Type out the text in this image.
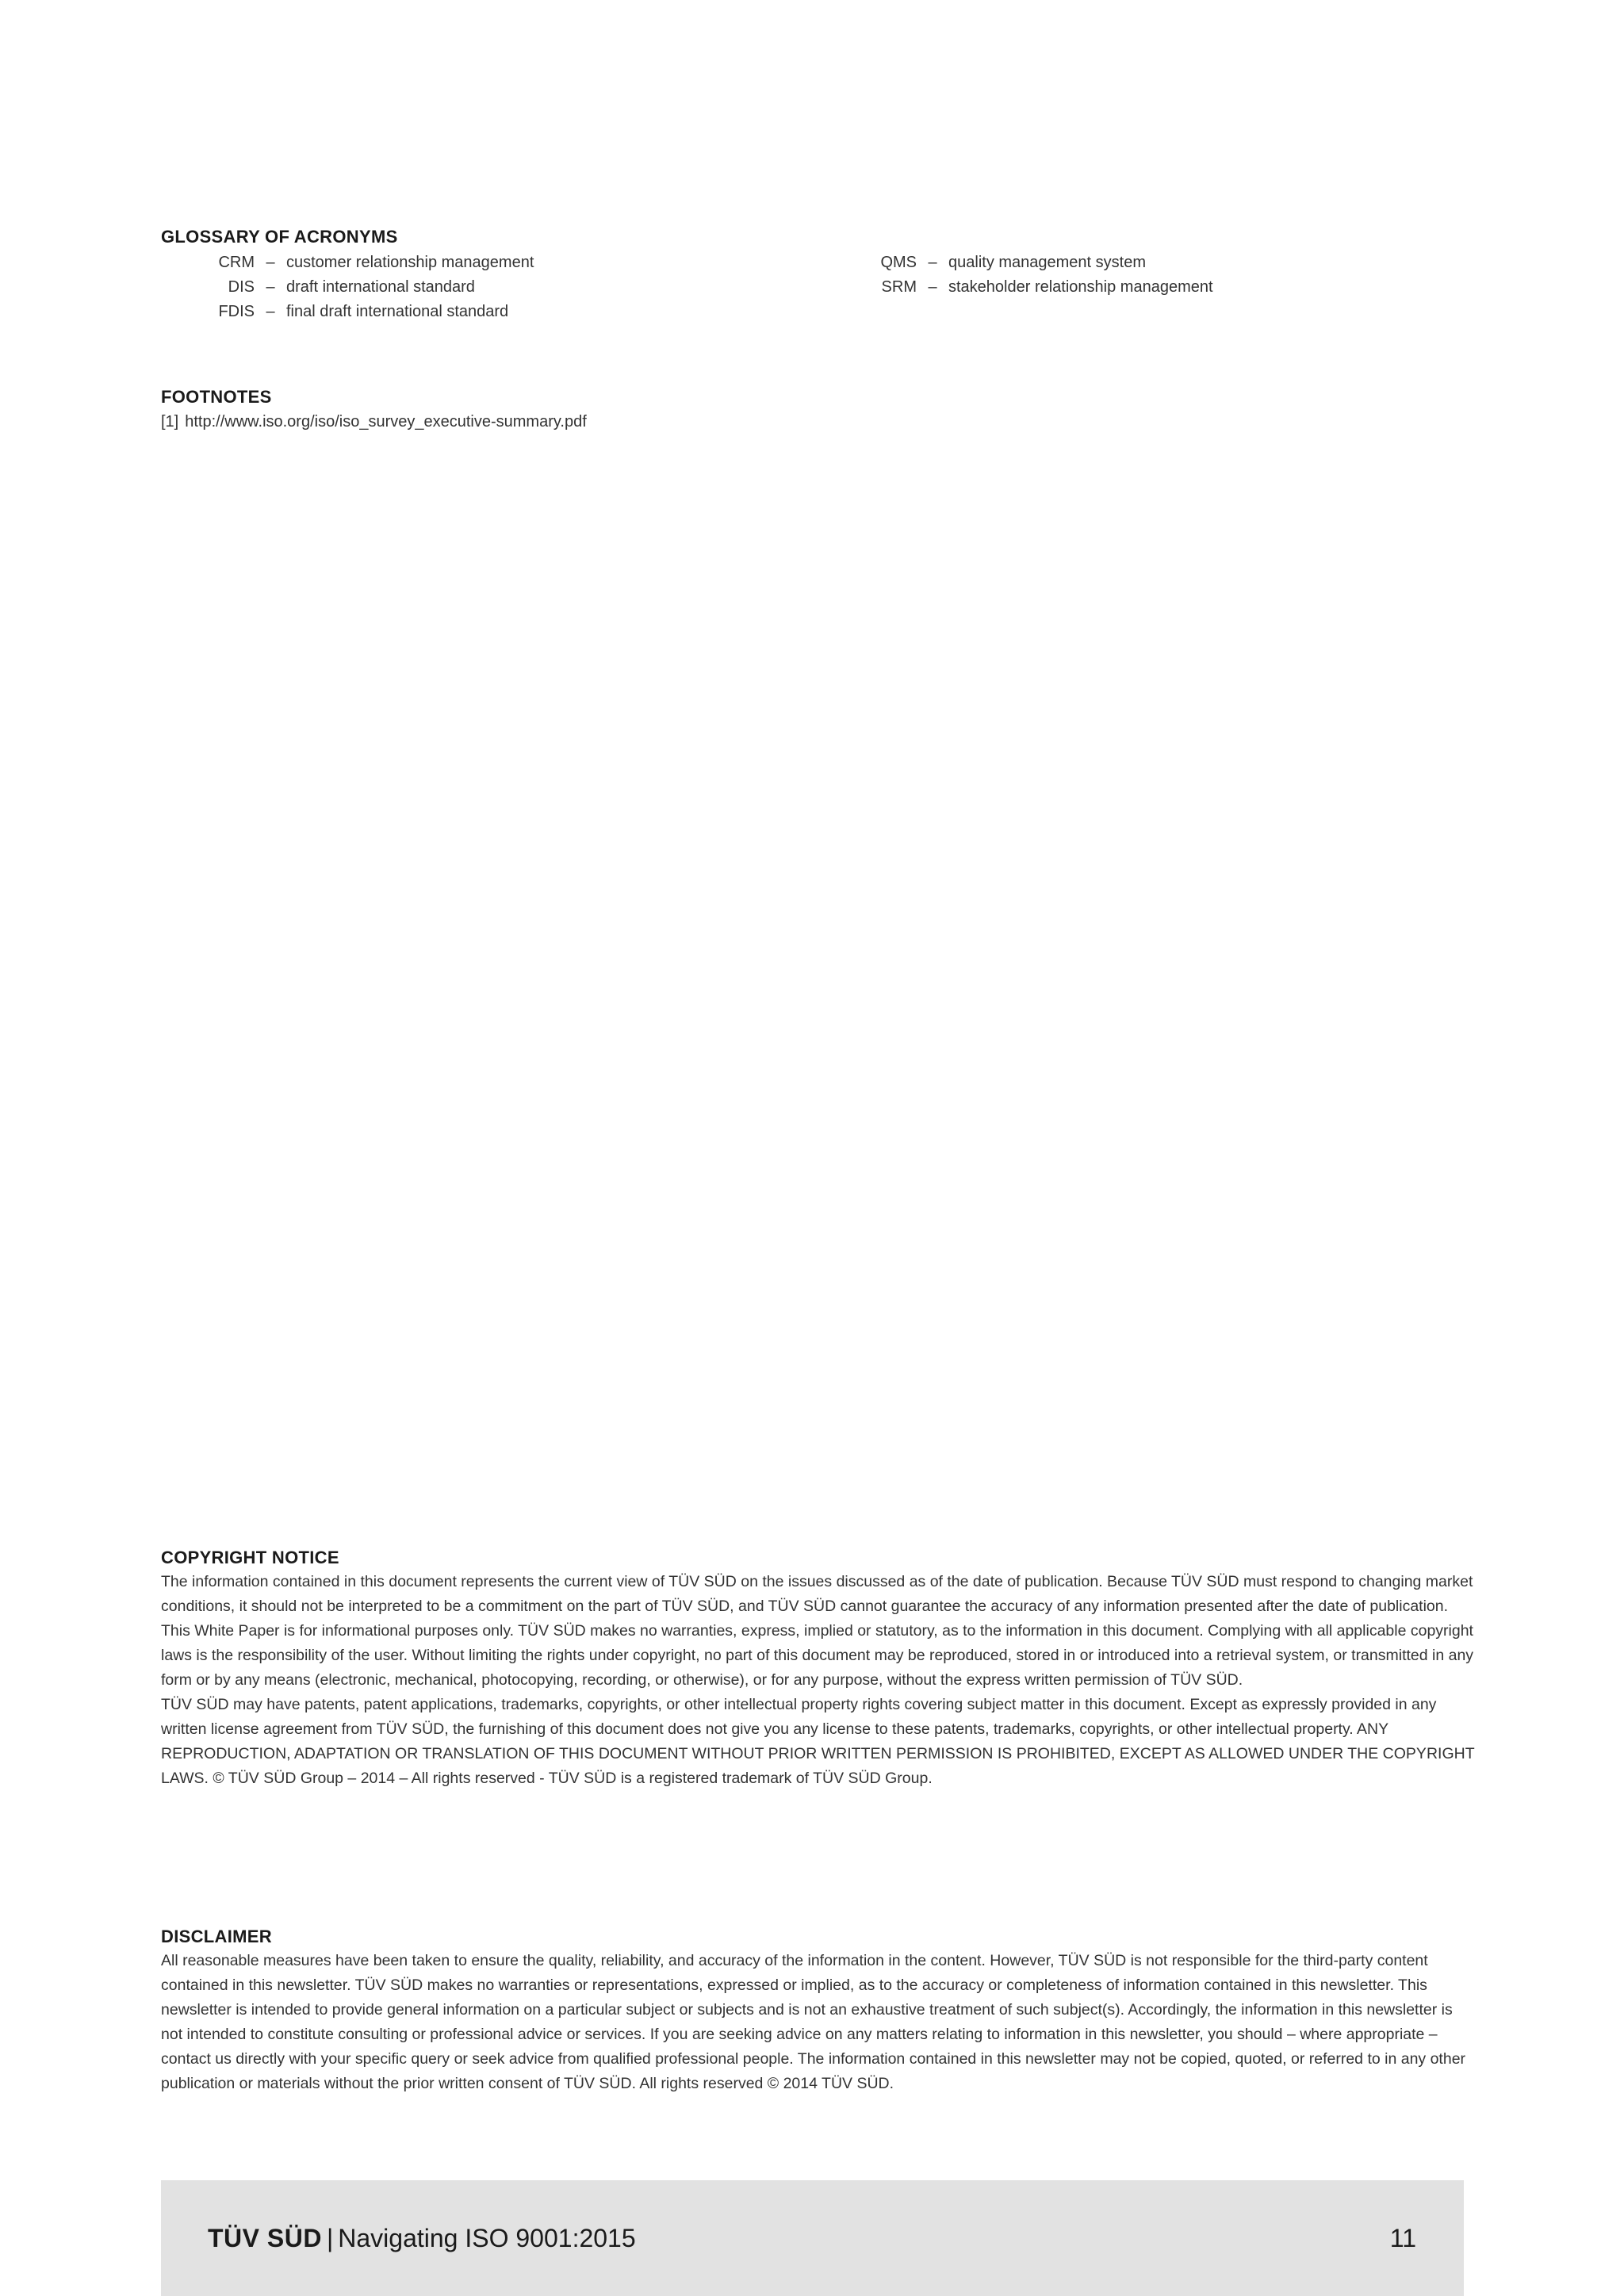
GLOSSARY OF ACRONYMS
CRM – customer relationship management
DIS – draft international standard
FDIS – final draft international standard
QMS – quality management system
SRM – stakeholder relationship management
FOOTNOTES
[1] http://www.iso.org/iso/iso_survey_executive-summary.pdf
COPYRIGHT NOTICE

The information contained in this document represents the current view of TÜV SÜD on the issues discussed as of the date of publication. Because TÜV SÜD must respond to changing market conditions, it should not be interpreted to be a commitment on the part of TÜV SÜD, and TÜV SÜD cannot guarantee the accuracy of any information presented after the date of publication.

This White Paper is for informational purposes only. TÜV SÜD makes no warranties, express, implied or statutory, as to the information in this document. Complying with all applicable copyright laws is the responsibility of the user. Without limiting the rights under copyright, no part of this document may be reproduced, stored in or introduced into a retrieval system, or transmitted in any form or by any means (electronic, mechanical, photocopying, recording, or otherwise), or for any purpose, without the express written permission of TÜV SÜD.

TÜV SÜD may have patents, patent applications, trademarks, copyrights, or other intellectual property rights covering subject matter in this document. Except as expressly provided in any written license agreement from TÜV SÜD, the furnishing of this document does not give you any license to these patents, trademarks, copyrights, or other intellectual property. ANY REPRODUCTION, ADAPTATION OR TRANSLATION OF THIS DOCUMENT WITHOUT PRIOR WRITTEN PERMISSION IS PROHIBITED, EXCEPT AS ALLOWED UNDER THE COPYRIGHT LAWS. © TÜV SÜD Group – 2014 – All rights reserved - TÜV SÜD is a registered trademark of TÜV SÜD Group.

DISCLAIMER

All reasonable measures have been taken to ensure the quality, reliability, and accuracy of the information in the content. However, TÜV SÜD is not responsible for the third-party content contained in this newsletter. TÜV SÜD makes no warranties or representations, expressed or implied, as to the accuracy or completeness of information contained in this newsletter. This newsletter is intended to provide general information on a particular subject or subjects and is not an exhaustive treatment of such subject(s). Accordingly, the information in this newsletter is not intended to constitute consulting or professional advice or services. If you are seeking advice on any matters relating to information in this newsletter, you should – where appropriate – contact us directly with your specific query or seek advice from qualified professional people. The information contained in this newsletter may not be copied, quoted, or referred to in any other publication or materials without the prior written consent of TÜV SÜD. All rights reserved © 2014 TÜV SÜD.

TÜV SÜD | Navigating ISO 9001:2015	11
